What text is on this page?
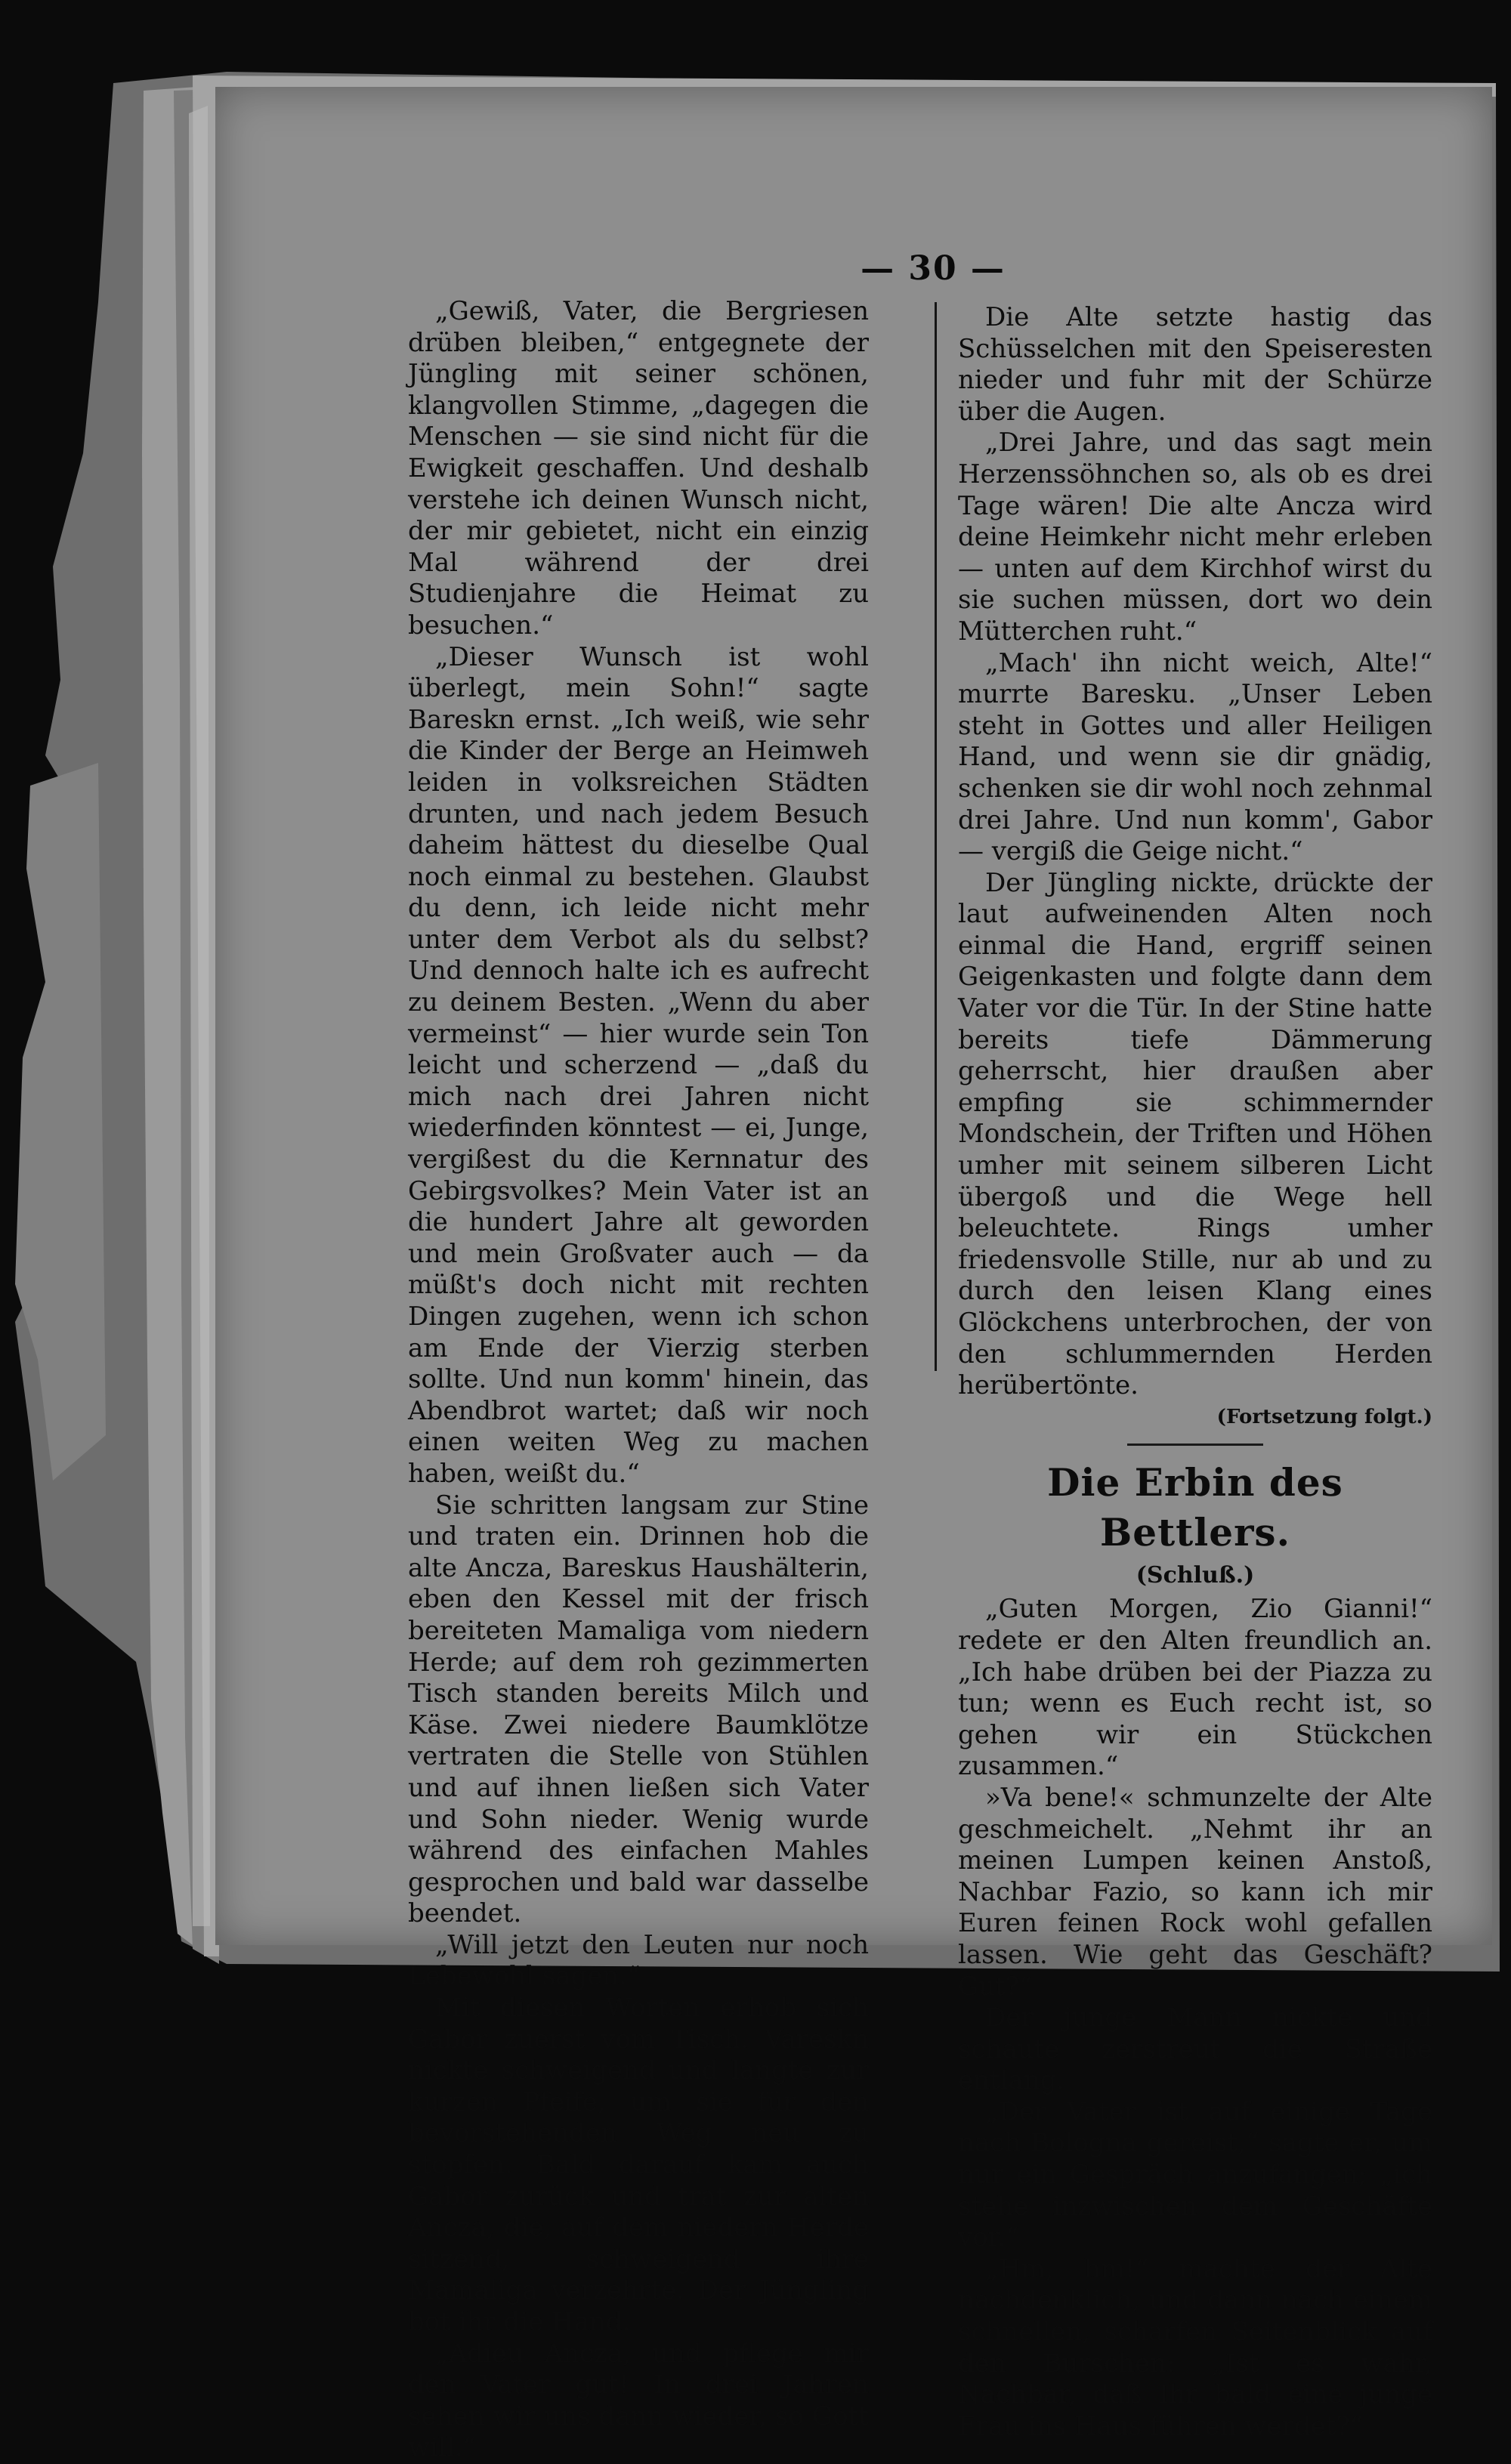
— 30 —

„Gewiß, Vater, die Bergriesen drüben bleiben,“ entgegnete der Jüngling mit seiner schönen, klangvollen Stimme, „dagegen die Menschen — sie sind nicht für die Ewigkeit geschaffen. Und deshalb verstehe ich deinen Wunsch nicht, der mir gebietet, nicht ein einzig Mal während der drei Studienjahre die Heimat zu besuchen.“

„Dieser Wunsch ist wohl überlegt, mein Sohn!“ sagte Bareskn ernst. „Ich weiß, wie sehr die Kinder der Berge an Heimweh leiden in volksreichen Städten drunten, und nach jedem Besuch daheim hättest du dieselbe Qual noch einmal zu bestehen. Glaubst du denn, ich leide nicht mehr unter dem Verbot als du selbst? Und dennoch halte ich es aufrecht zu deinem Besten. „Wenn du aber vermeinst“ — hier wurde sein Ton leicht und scherzend — „daß du mich nach drei Jahren nicht wiederfinden könntest — ei, Junge, vergißest du die Kernnatur des Gebirgsvolkes? Mein Vater ist an die hundert Jahre alt geworden und mein Großvater auch — da müßt's doch nicht mit rechten Dingen zugehen, wenn ich schon am Ende der Vierzig sterben sollte. Und nun komm' hinein, das Abendbrot wartet; daß wir noch einen weiten Weg zu machen haben, weißt du.“

Sie schritten langsam zur Stine und traten ein. Drinnen hob die alte Ancza, Bareskus Haushälterin, eben den Kessel mit der frisch bereiteten Mamaliga vom niedern Herde; auf dem roh gezimmerten Tisch standen bereits Milch und Käse. Zwei niedere Baumklötze vertraten die Stelle von Stühlen und auf ihnen ließen sich Vater und Sohn nieder. Wenig wurde während des einfachen Mahles gesprochen und bald war dasselbe beendet.

„Will jetzt den Leuten nur noch Lebewohl sagen.“

Mit diesen Worten erhob sich Gabor zuerst vom Tisch. Vareskn nickte schweigend und langte zur kurzen Pfeife, um sie für den bevorstehenden Weg neu zu stopfen. Bald darauf kam auch Gabor zurück und trat zur alten Ancza, die, auf dem niedern Herde sitzend, schweigend ihre Mamaliga verzehrte. Der Jüngling bot ihr die Hand.

„Adieu Ancza, und pflege mir den Vater gut! In drei Jahren sehen wir uns dann wieder, so Gott will.“

Die Alte setzte hastig das Schüsselchen mit den Speiseresten nieder und fuhr mit der Schürze über die Augen.

„Drei Jahre, und das sagt mein Herzenssöhnchen so, als ob es drei Tage wären! Die alte Ancza wird deine Heimkehr nicht mehr erleben — unten auf dem Kirchhof wirst du sie suchen müssen, dort wo dein Mütterchen ruht.“

„Mach' ihn nicht weich, Alte!“ murrte Baresku. „Unser Leben steht in Gottes und aller Heiligen Hand, und wenn sie dir gnädig, schenken sie dir wohl noch zehnmal drei Jahre. Und nun komm', Gabor — vergiß die Geige nicht.“

Der Jüngling nickte, drückte der laut aufweinenden Alten noch einmal die Hand, ergriff seinen Geigenkasten und folgte dann dem Vater vor die Tür. In der Stine hatte bereits tiefe Dämmerung geherrscht, hier draußen aber empfing sie schimmernder Mondschein, der Triften und Höhen umher mit seinem silberen Licht übergoß und die Wege hell beleuchtete. Rings umher friedensvolle Stille, nur ab und zu durch den leisen Klang eines Glöckchens unterbrochen, der von den schlummernden Herden herübertönte.

(Fortsetzung folgt.)
Die Erbin des Bettlers.
(Schluß.)

„Guten Morgen, Zio Gianni!“ redete er den Alten freundlich an. „Ich habe drüben bei der Piazza zu tun; wenn es Euch recht ist, so gehen wir ein Stückchen zusammen.“

»Va bene!« schmunzelte der Alte geschmeichelt. „Nehmt ihr an meinen Lumpen keinen Anstoß, Nachbar Fazio, so kann ich mir Euren feinen Rock wohl gefallen lassen. Wie geht das Geschäft? Gut?“

Der junge Mann nickte und schaute zerstreut die Straße entlang.

„Der Vater ist auf einige Tage nach Bologna gereist,“ sagte er, um nur ein Gespräch anzufangen; „ich stehe inzwischen dem Geschäfte vor.“

„Hm, hm!“ machte der Alte nachdenklich, und dann nach einem schnellen, scharfen Seitenblick auf den Burschen: „Ist es wahr, Nachbar, daß Ihr bald eine junge Frau ins Haus führen werdet?“
